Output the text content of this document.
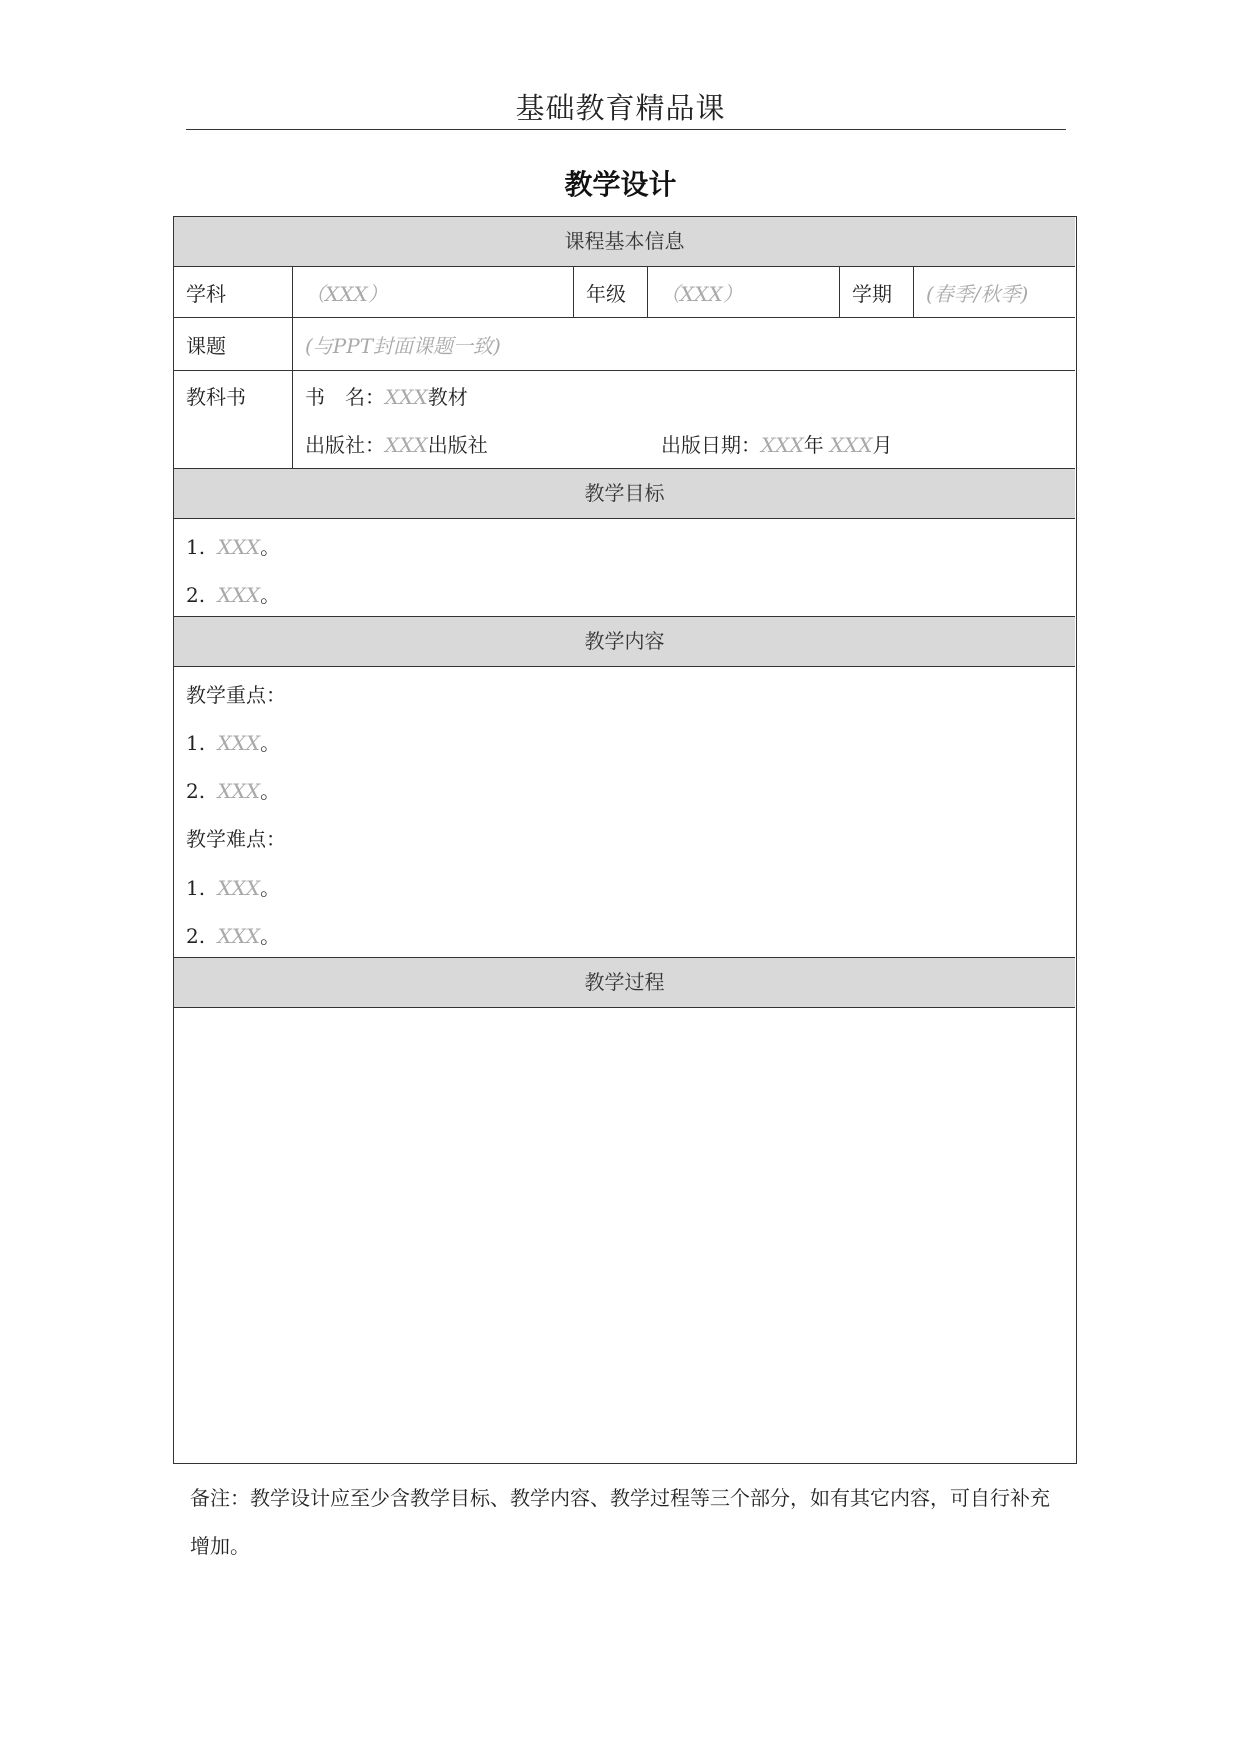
基础教育精品课
教学设计
课程基本信息
学科	（XXX）	年级	（XXX）	学期	(春季/秋季)
课题	(与PPT封面课题一致)
教科书	书　名：XXX教材
出版社：XXX出版社	出版日期：XXX年 XXX月
教学目标
1. XXX。
2. XXX。
教学内容
教学重点：
1. XXX。
2. XXX。
教学难点：
1. XXX。
2. XXX。
教学过程
备注：教学设计应至少含教学目标、教学内容、教学过程等三个部分，如有其它内容，可自行补充增加。
